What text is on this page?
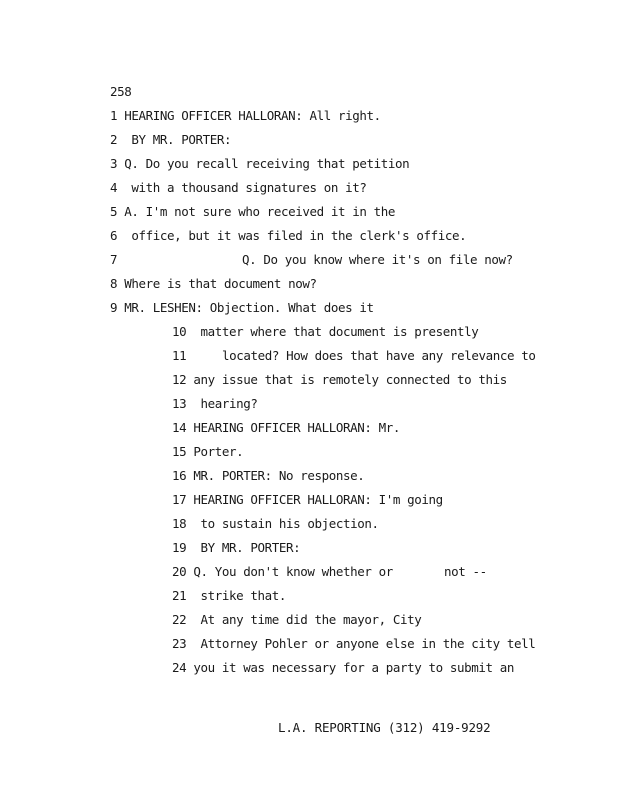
258
1 HEARING OFFICER HALLORAN: All right.
2  BY MR. PORTER:
3 Q. Do you recall receiving that petition
4  with a thousand signatures on it?
5 A. I'm not sure who received it in the
6  office, but it was filed in the clerk's office.
7	Q. Do you know where it's on file now?
8 Where is that document now?
9 MR. LESHEN: Objection. What does it
10  matter where that document is presently
11	located? How does that have any relevance to
12 any issue that is remotely connected to this
13  hearing?
14 HEARING OFFICER HALLORAN: Mr.
15 Porter.
16 MR. PORTER: No response.
17 HEARING OFFICER HALLORAN: I'm going
18  to sustain his objection.
19  BY MR. PORTER:
20 Q. You don't know whether or	not --
21  strike that.
22  At any time did the mayor, City
23  Attorney Pohler or anyone else in the city tell
24 you it was necessary for a party to submit an
L.A. REPORTING (312) 419-9292
